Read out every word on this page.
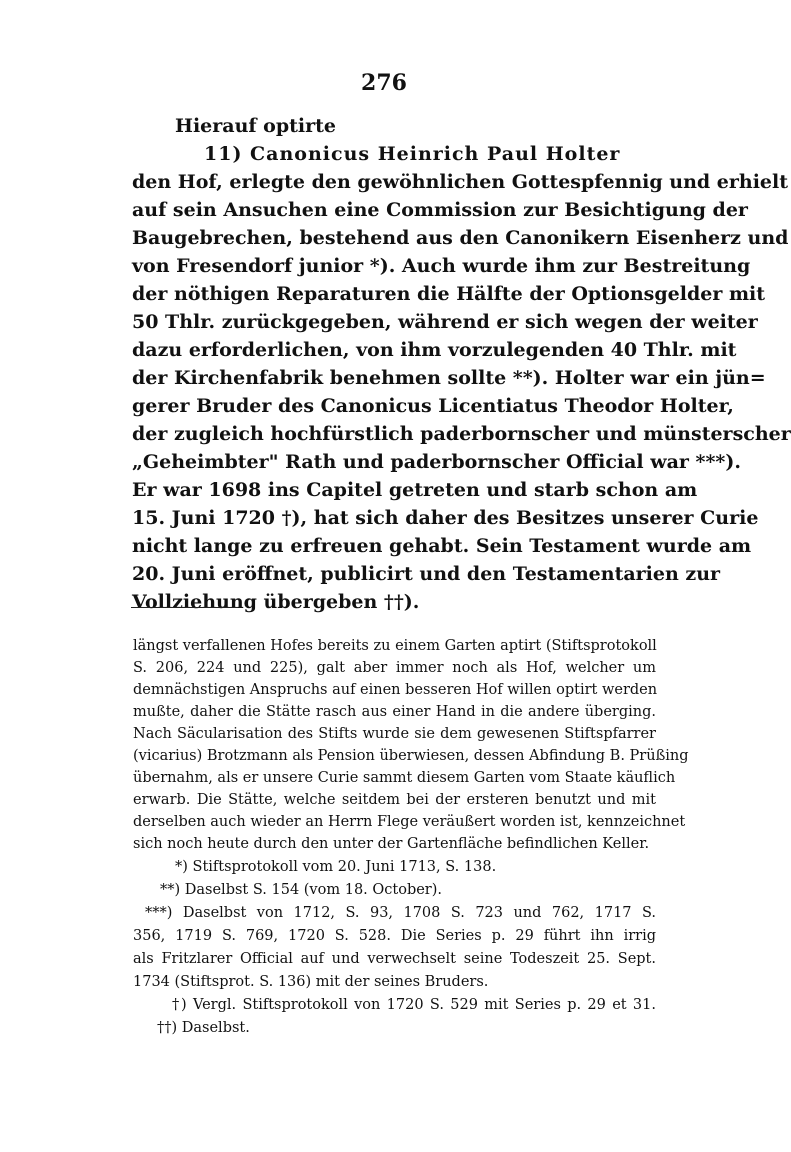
276
Hierauf optirte
11) Canonicus Heinrich Paul Holter
den Hof, erlegte den gewöhnlichen Gottespfennig und erhielt
auf sein Ansuchen eine Commission zur Besichtigung der
Baugebrechen, bestehend aus den Canonikern Eisenherz und
von Fresendorf junior *). Auch wurde ihm zur Bestreitung
der nöthigen Reparaturen die Hälfte der Optionsgelder mit
50 Thlr. zurückgegeben, während er sich wegen der weiter
dazu erforderlichen, von ihm vorzulegenden 40 Thlr. mit
der Kirchenfabrik benehmen sollte **). Holter war ein jün=
gerer Bruder des Canonicus Licentiatus Theodor Holter,
der zugleich hochfürstlich paderbornscher und münsterscher
„Geheimbter" Rath und paderbornscher Official war ***).
Er war 1698 ins Capitel getreten und starb schon am
15. Juni 1720 †), hat sich daher des Besitzes unserer Curie
nicht lange zu erfreuen gehabt. Sein Testament wurde am
20. Juni eröffnet, publicirt und den Testamentarien zur
Vollziehung übergeben ††).
längst verfallenen Hofes bereits zu einem Garten aptirt (Stiftsprotokoll
S. 206, 224 und 225), galt aber immer noch als Hof, welcher um
demnächstigen Anspruchs auf einen besseren Hof willen optirt werden
mußte, daher die Stätte rasch aus einer Hand in die andere überging.
Nach Säcularisation des Stifts wurde sie dem gewesenen Stiftspfarrer
(vicarius) Brotzmann als Pension überwiesen, dessen Abfindung B. Prüßing
übernahm, als er unsere Curie sammt diesem Garten vom Staate käuflich
erwarb. Die Stätte, welche seitdem bei der ersteren benutzt und mit
derselben auch wieder an Herrn Flege veräußert worden ist, kennzeichnet
sich noch heute durch den unter der Gartenfläche befindlichen Keller.
*) Stiftsprotokoll vom 20. Juni 1713, S. 138.
**) Daselbst S. 154 (vom 18. October).
***) Daselbst von 1712, S. 93, 1708 S. 723 und 762, 1717 S.
356, 1719 S. 769, 1720 S. 528. Die Series p. 29 führt ihn irrig
als Fritzlarer Official auf und verwechselt seine Todeszeit 25. Sept.
1734 (Stiftsprot. S. 136) mit der seines Bruders.
†) Vergl. Stiftsprotokoll von 1720 S. 529 mit Series p. 29 et 31.
††) Daselbst.
